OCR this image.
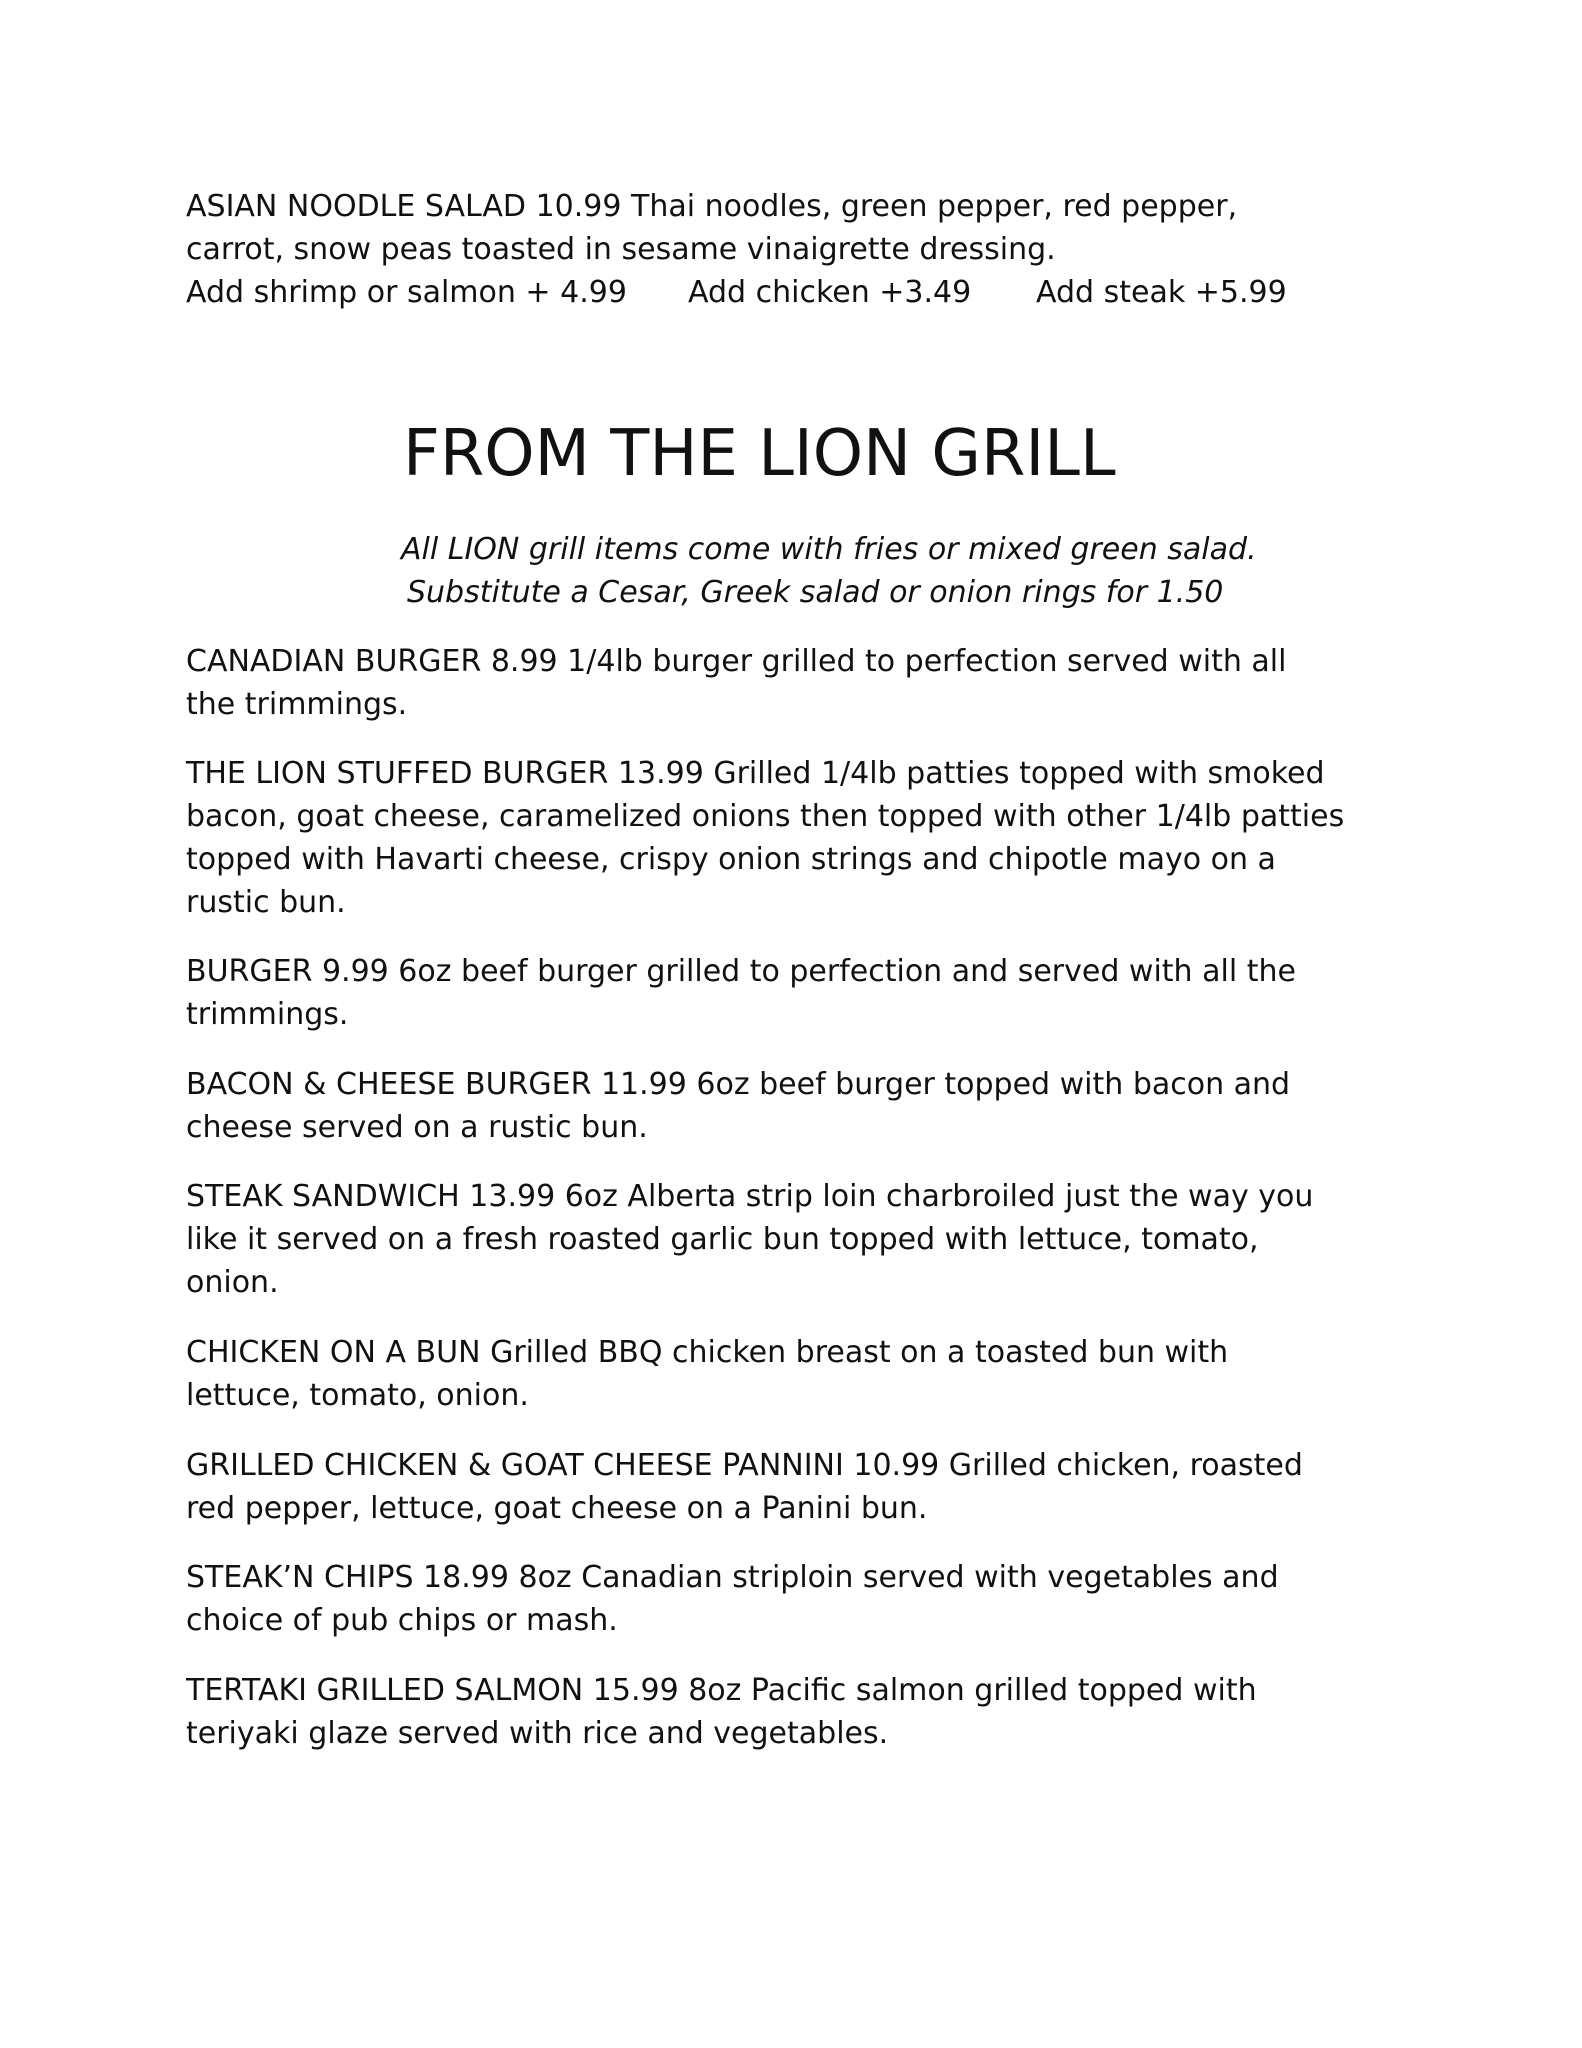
ASIAN NOODLE SALAD 10.99 Thai noodles, green pepper, red pepper,
carrot, snow peas toasted in sesame vinaigrette dressing.
Add shrimp or salmon + 4.99 Add chicken +3.49 Add steak +5.99

FROM THE LION GRILL

All LION grill items come with fries or mixed green salad.

Substitute a Cesar, Greek salad or onion rings for 1.50

CANADIAN BURGER 8.99 1/4lb burger grilled to perfection served with all
the trimmings.

THE LION STUFFED BURGER 13.99 Grilled 1/4lb patties topped with smoked
bacon, goat cheese, caramelized onions then topped with other 1/4lb patties
topped with Havarti cheese, crispy onion strings and chipotle mayo on a
rustic bun.

BURGER 9.99 6oz beef burger grilled to perfection and served with all the
trimmings.

BACON & CHEESE BURGER 11.99 6oz beef burger topped with bacon and
cheese served on a rustic bun.

STEAK SANDWICH 13.99 6oz Alberta strip loin charbroiled just the way you
like it served on a fresh roasted garlic bun topped with lettuce, tomato,
onion.

CHICKEN ON A BUN Grilled BBQ chicken breast on a toasted bun with
lettuce, tomato, onion.

GRILLED CHICKEN & GOAT CHEESE PANNINI 10.99 Grilled chicken, roasted
red pepper, lettuce, goat cheese on a Panini bun.

STEAK’N CHIPS 18.99 8oz Canadian striploin served with vegetables and
choice of pub chips or mash.

TERTAKI GRILLED SALMON 15.99 8oz Pacific salmon grilled topped with
teriyaki glaze served with rice and vegetables.
